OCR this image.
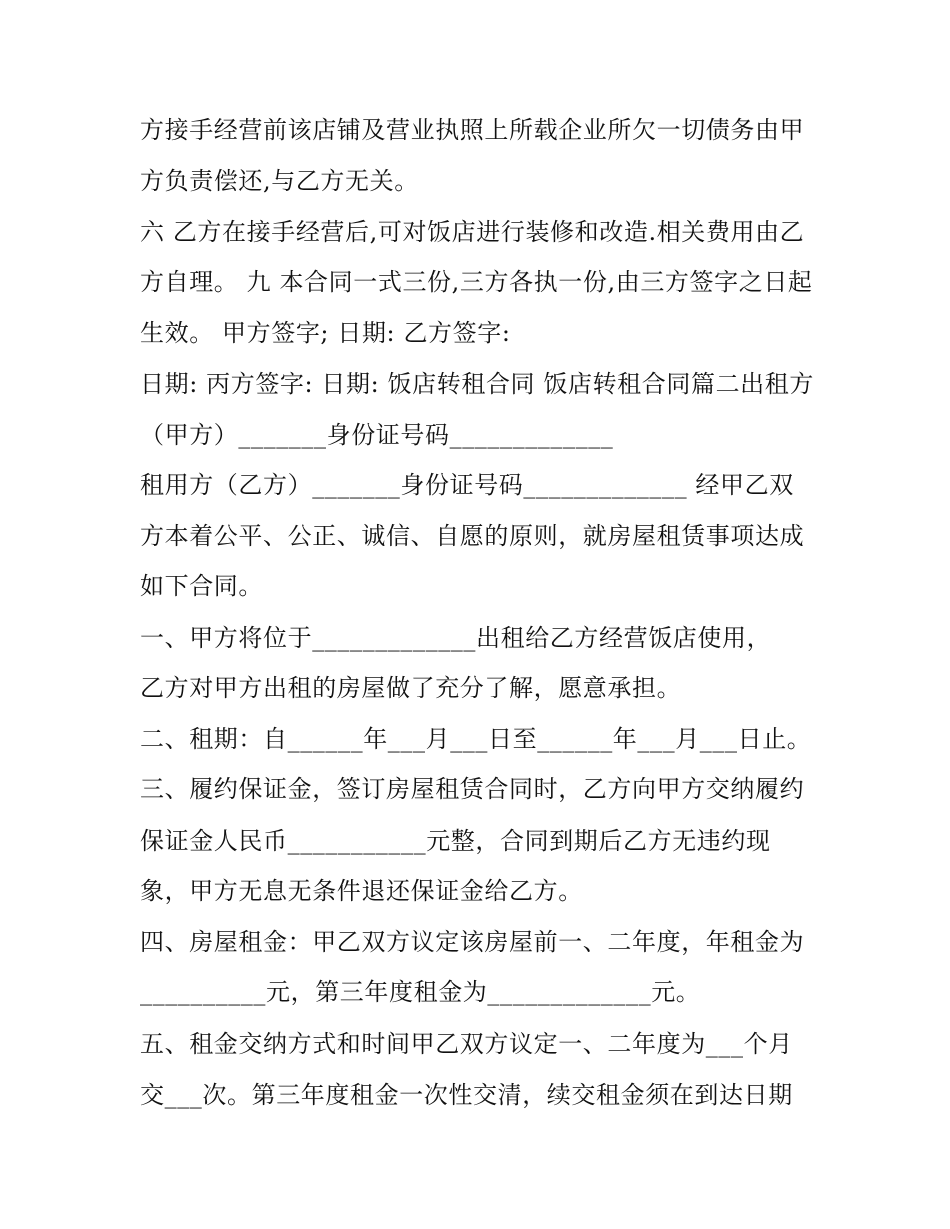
方接手经营前该店铺及营业执照上所载企业所欠一切债务由甲
方负责偿还,与乙方无关。
六 乙方在接手经营后,可对饭店进行装修和改造.相关费用由乙
方自理。 九 本合同一式三份,三方各执一份,由三方签字之日起
生效。 甲方签字; 日期: 乙方签字:
日期: 丙方签字: 日期: 饭店转租合同 饭店转租合同篇二出租方
（甲方）_______身份证号码_____________
租用方（乙方）_______身份证号码_____________ 经甲乙双
方本着公平、公正、诚信、自愿的原则，就房屋租赁事项达成
如下合同。
一、甲方将位于_____________出租给乙方经营饭店使用，
乙方对甲方出租的房屋做了充分了解，愿意承担。
二、租期：自______年___月___日至______年___月___日止。
三、履约保证金，签订房屋租赁合同时，乙方向甲方交纳履约
保证金人民币___________元整，合同到期后乙方无违约现
象，甲方无息无条件退还保证金给乙方。
四、房屋租金：甲乙双方议定该房屋前一、二年度，年租金为
__________元，第三年度租金为_____________元。
五、租金交纳方式和时间甲乙双方议定一、二年度为___个月
交___次。第三年度租金一次性交清，续交租金须在到达日期
